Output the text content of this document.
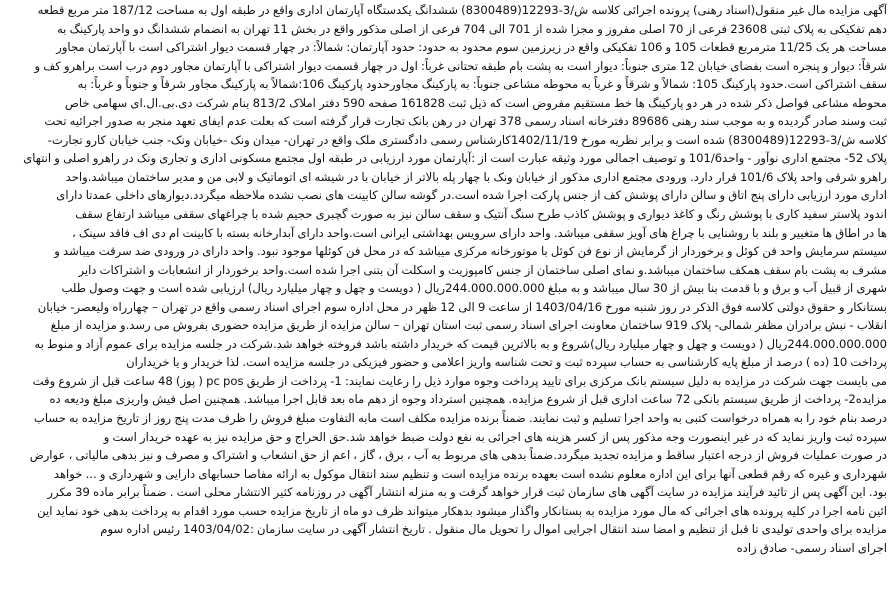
آگهی مزایده مال غیر منقول(اسناد رهنی) پرونده اجرائی کلاسه ش/3-12293(8300489) ششدانگ یکدستگاه آپارتمان اداری واقع در طبقه اول به مساحت 187/12 متر مربع قطعه
دهم تفکیکی به پلاک ثبتی 23608 فرعی از 70 اصلی مفروز و مجزا شده از 701 الی 704 فرعی از اصلی مذکور واقع در بخش 11 تهران به انضمام ششدانگ دو واحد پارکینگ به
مساحت هر یک 11/25 مترمربع قطعات 105 و 106 تفکیکی واقع در زیرزمین سوم محدود به حدود: حدود آپارتمان: شمالاً: در چهار قسمت دیوار اشتراکی است با آپارتمان مجاور
شرقاً: دیوار و پنجره است بفضای خیابان 12 متری جنوباً: دیوار است به پشت بام طبقه تحتانی غرباً: اول در چهار قسمت دیوار اشتراکی با آپارتمان مجاور دوم درب است براهرو کف و
سقف اشتراکی است.حدود پارکینگ 105: شمالاً و شرقاً و غرباً به محوطه مشاعی جنوباً: به پارکینگ مجاورحدود پارکینگ 106:شمالاً به پارکینگ مجاور شرقاً و جنوباً و غرباً: به
محوطه مشاعی فواصل ذکر شده در هر دو پارکینگ ها خط مستقیم مفروض است که ذیل ثبت 161828 صفحه 590 دفتر املاک 813/2 بنام شرکت دی.بی.ال.ای سهامی خاص
ثبت وسند صادر گردیده و به موجب سند رهنی 89686 دفترخانه اسناد رسمی 378 تهران در رهن بانک تجارت قرار گرفته است که بعلت عدم ایفای تعهد منجر به صدور اجرائیه تحت
کلاسه ش/3-12293(8300489) شده است و برابر نظریه مورخ 1402/11/19کارشناس رسمی دادگستری ملک واقع در تهران- میدان ونک -خیابان ونک- جنب خیابان کارو تجارت-
پلاک 52- مجتمع اداری نوآور - واحد101/6 و توصیف اجمالی مورد وثیقه عبارت است از :آپارتمان مورد ارزیابی در طبقه اول مجتمع مسکونی اداری و تجاری ونک در راهرو اصلی و انتهای
راهرو شرقی واحد پلاک 101/6 قرار دارد. ورودی مجتمع اداری مذکور از خیابان ونک با چهار پله بالاتر از خیابان با در شیشه ای اتوماتیک و لابی من و مدیر ساختمان میباشد.واحد
اداری مورد ارزیابی دارای پنج اتاق و سالن دارای پوشش کف از جنس پارکت اجرا شده است.در گوشه سالن کابینت های نصب نشده ملاحظه میگردد.دیوارهای داخلی عمدتا دارای
اندود پلاستر سفید کاری با پوشش رنگ و کاغذ دیواری و پوشش کاذب طرح سنگ آنتیک و سقف سالن نیز به صورت گچبری حجیم شده با چراغهای سقفی میباشد ارتفاع سقف
ها در اطاق ها متغییر و بلند با روشنایی با چراغ های آویز سقفی میباشد. واحد دارای سرویس بهداشتی ایرانی است.واحد دارای آبدارخانه بسته با کابینت ام دی اف فاقد سینک ،
سیستم سرمایش واحد فن کوئل و برخوردار از گرمایش از نوع فن کوئل با موتورخانه مرکزی میباشد که در محل فن کوئلها موجود نبود. واحد دارای در ورودی ضد سرقت میباشد و
مشرف به پشت بام سقف همکف ساختمان میباشد.و نمای اصلی ساختمان از جنس کامپوزیت و اسکلت آن بتنی اجرا شده است.واحد برخوردار از انشعابات و اشتراکات دایر
شهری از قبیل آب و برق و با قدمت بنا بیش از 30 سال میباشد و به مبلغ 244.000.000.000ریال ( دویست و چهل و چهار میلیارد ریال) ارزیابی شده است و جهت وصول طلب
بستانکار و حقوق دولتی کلاسه فوق الذکر در روز شنبه مورخ 1403/04/16 از ساعت 9 الی 12 ظهر در محل اداره سوم اجرای اسناد رسمی واقع در تهران – چهارراه ولیعصر- خیابان
انقلاب - نبش برادران مظفر شمالی- پلاک 919 ساختمان معاونت اجرای اسناد رسمی ثبت استان تهران – سالن مزایده از طریق مزایده حضوری بفروش می رسد.و مزایده از مبلغ
244.000.000.000ریال ( دویست و چهل و چهار میلیارد ریال)شروع و به بالاترین قیمت که خریدار داشته باشد فروخته خواهد شد.شرکت در جلسه مزایده برای عموم آزاد و منوط به
پرداخت 10 (ده ) درصد از مبلغ پایه کارشناسی به حساب سپرده ثبت و تحت شناسه واریز اعلامی و حضور فیزیکی در جلسه مزایده است. لذا خریدار و یا خریداران
می بایست جهت شرکت در مزایده به دلیل سیستم بانک مرکزی برای تایید پرداخت وجوه موارد ذیل را رعایت نمایند: 1- پرداخت از طریق pc pos ( پوز) 48 ساعت قبل از شروع وقت
مزایده2- پرداخت از طریق سیستم بانکی 72 ساعت اداری قبل از شروع مزایده. همچنین استرداد وجوه از دهم ماه بعد قابل اجرا میباشد. همچنین اصل فیش واریزی مبلغ ودیعه ده
درصد بنام خود را به همراه درخواست کتبی به واحد اجرا تسلیم و ثبت نمایند. ضمناً برنده مزایده مکلف است مابه التفاوت مبلغ فروش را ظرف مدت پنج روز از تاریخ مزایده به حساب
سپرده ثبت واریز نماید که در غیر اینصورت وجه مذکور پس از کسر هزینه های اجرائی به نفع دولت ضبط خواهد شد.حق الحراج و حق مزایده نیز به عهده خریدار است و
در صورت عملیات فروش از درجه اعتبار ساقط و مزایده تجدید میگردد.ضمناً بدهی های مربوط به آب ، برق ، گاز ، اعم از حق انشعاب و اشتراک و مصرف و نیز بدهی مالیاتی ، عوارض
شهرداری و غیره که رقم قطعی آنها برای این اداره معلوم نشده است بعهده برنده مزایده است و تنظیم سند انتقال موکول به ارائه مفاصا حسابهای دارایی و شهرداری و ... خواهد
بود. این آگهی پس از تائید فرآیند مزایده در سایت آگهی های سازمان ثبت قرار خواهد گرفت و به منزله انتشار آگهی در روزنامه کثیر الانتشار محلی است . ضمناً برابر ماده 39 مکرر
ائین نامه اجرا در کلیه پرونده های اجرائی که مال مورد مزایده به بستانکار واگذار میشود بدهکار میتواند ظرف دو ماه از تاریخ مزایده حسب مورد اقدام به پرداخت بدهی خود نماید این
مزایده برای واحدی تولیدی تا قبل از تنظیم و امضا سند انتقال اجرایی اموال را تحویل مال منقول . تاریخ انتشار آگهی در سایت سازمان :1403/04/02 رئیس اداره سوم
اجرای اسناد رسمی- صادق زاده
